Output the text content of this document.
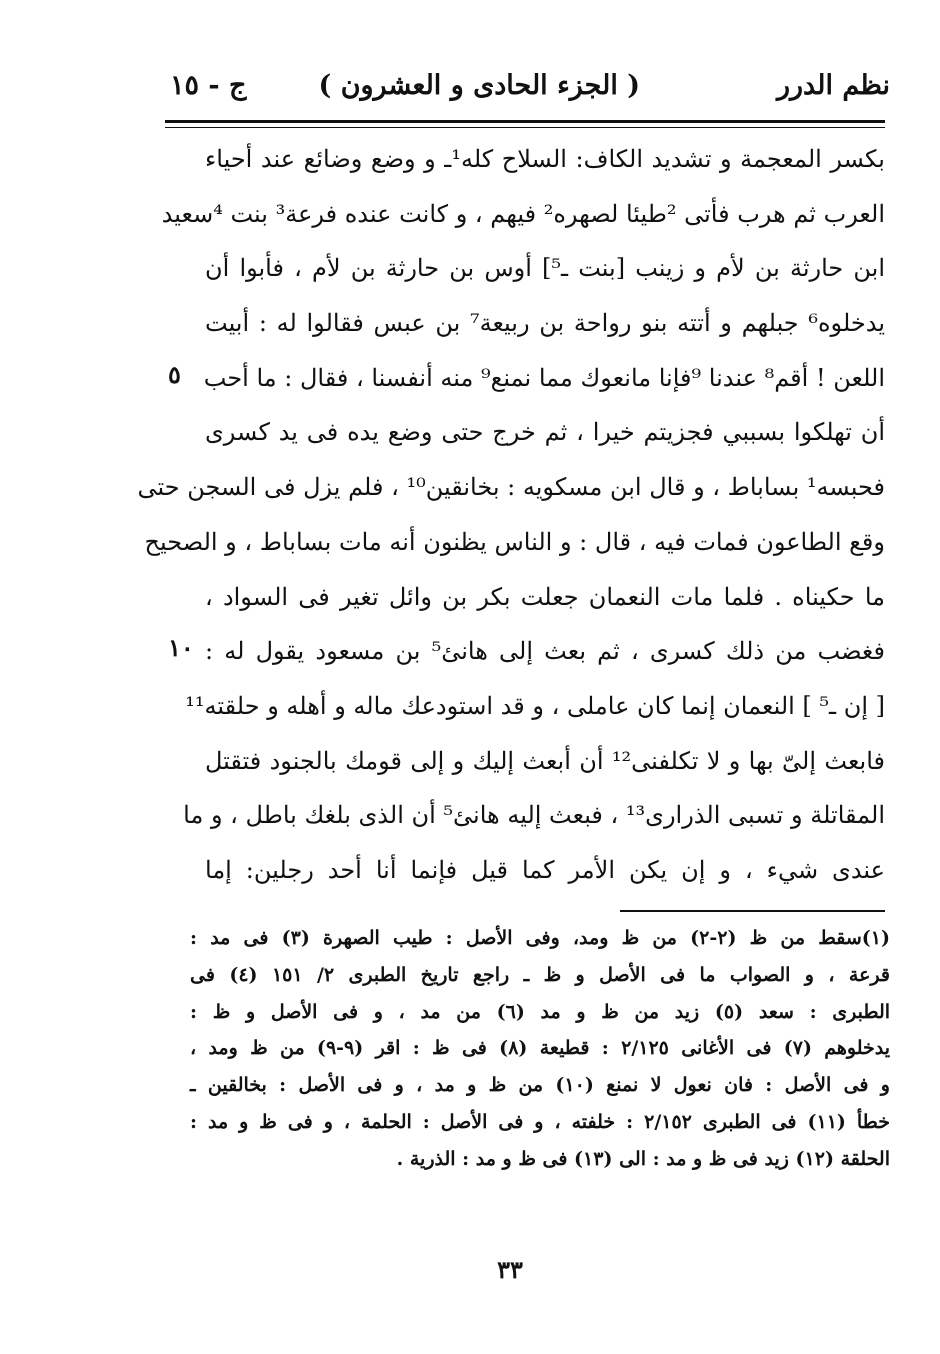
نظم الدرر
( الجزء الحادى و العشرون )
ج - ١٥
بكسر المعجمة و تشديد الكاف: السلاح كله¹ـ و وضع وضائع عند أحياء
العرب ثم هرب فأتى ²طيئا لصهره² فيهم ، و كانت عنده فرعة³ بنت ⁴سعيد
ابن حارثة بن لأم و زينب [بنت ـ⁵] أوس بن حارثة بن لأم ، فأبوا أن
يدخلوه⁶ جبلهم و أتته بنو رواحة بن ربيعة⁷ بن عبس فقالوا له : أبيت
اللعن ! أقم⁸ عندنا ⁹فإنا مانعوك مما نمنع⁹ منه أنفسنا ، فقال : ما أحب
أن تهلكوا بسببي فجزيتم خيرا ، ثم خرج حتى وضع يده فى يد كسرى
فحبسه¹ بساباط ، و قال ابن مسكويه : بخانقين¹⁰ ، فلم يزل فى السجن حتى
وقع الطاعون فمات فيه ، قال : و الناس يظنون أنه مات بساباط ، و الصحيح
ما حكيناه . فلما مات النعمان جعلت بكر بن وائل تغير فى السواد ،
فغضب من ذلك كسرى ، ثم بعث إلى هانئ⁵ بن مسعود يقول له :
[ إن ـ⁵ ] النعمان إنما كان عاملى ، و قد استودعك ماله و أهله و حلقته¹¹
فابعث إلىّ بها و لا تكلفنى¹² أن أبعث إليك و إلى قومك بالجنود فتقتل
المقاتلة و تسبى الذرارى¹³ ، فبعث إليه هانئ⁵ أن الذى بلغك باطل ، و ما
عندى شيء ، و إن يكن الأمر كما قيل فإنما أنا أحد رجلين: إما
٥
١٠
(١)سقط من ظ (٢-٢) من ظ ومد، وفى الأصل : طيب الصهرة (٣) فى مد :
قرعة ، و الصواب ما فى الأصل و ظ ـ راجع تاريخ الطبرى ٢/ ١٥١ (٤) فى
الطبرى : سعد (٥) زيد من ظ و مد (٦) من مد ، و فى الأصل و ظ :
يدخلوهم (٧) فى الأغانى ٢/١٢٥ : قطيعة (٨) فى ظ : اقر (٩-٩) من ظ ومد ،
و فى الأصل : فان نعول لا نمنع (١٠) من ظ و مد ، و فى الأصل : بخالقين ـ
خطأ (١١) فى الطبرى ٢/١٥٢ : خلفته ، و فى الأصل : الحلمة ، و فى ظ و مد :
الحلقة (١٢) زيد فى ظ و مد : الى (١٣) فى ظ و مد : الذرية .
٣٣
